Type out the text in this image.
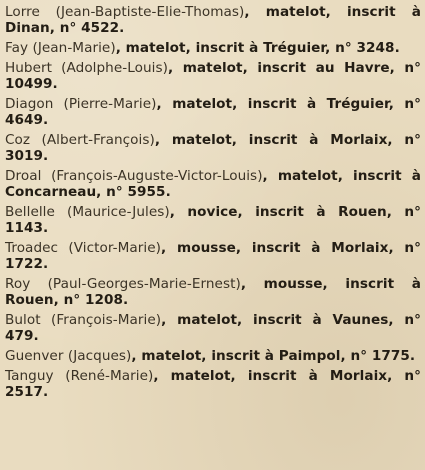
Lorre (Jean-Baptiste-Elie-Thomas), matelot, inscrit à Dinan, n° 4522.

Fay (Jean-Marie), matelot, inscrit à Tréguier, n° 3248.

Hubert (Adolphe-Louis), matelot, inscrit au Havre, n° 10499.

Diagon (Pierre-Marie), matelot, inscrit à Tréguier, n° 4649.

Coz (Albert-François), matelot, inscrit à Morlaix, n° 3019.

Droal (François-Auguste-Victor-Louis), matelot, inscrit à Concarneau, n° 5955.

Bellelle (Maurice-Jules), novice, inscrit à Rouen, n° 1143.

Troadec (Victor-Marie), mousse, inscrit à Morlaix, n° 1722.

Roy (Paul-Georges-Marie-Ernest), mousse, inscrit à Rouen, n° 1208.

Bulot (François-Marie), matelot, inscrit à Vaunes, n° 479.

Guenver (Jacques), matelot, inscrit à Paimpol, n° 1775.

Tanguy (René-Marie), matelot, inscrit à Morlaix, n° 2517.
